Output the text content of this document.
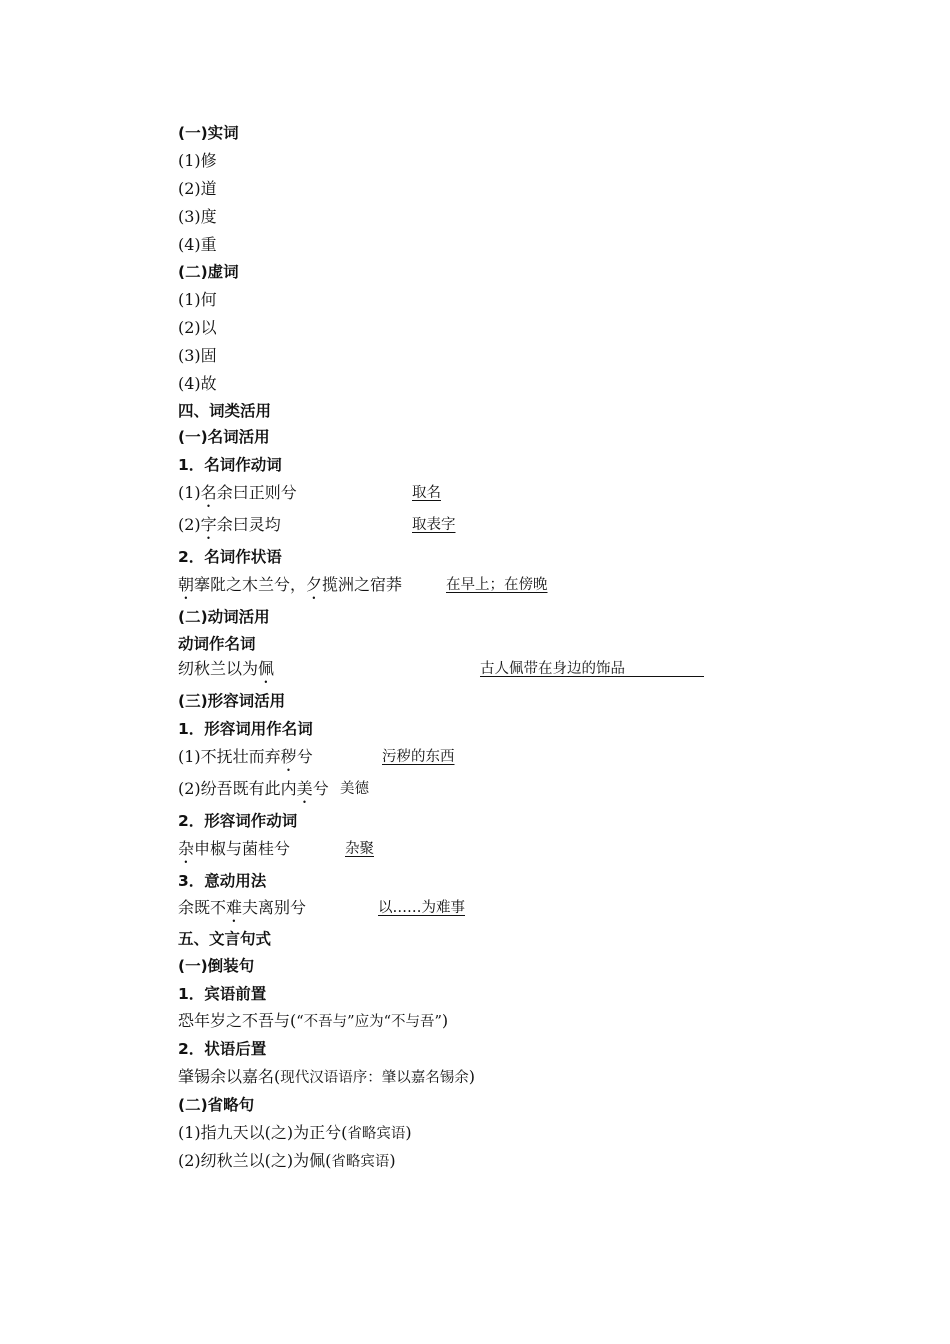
(一)实词
(1)修
(2)道
(3)度
(4)重
(二)虚词
(1)何
(2)以
(3)固
(4)故
四、词类活用
(一)名词活用
1．名词作动词
(1)名余曰正则兮	取名
(2)字余曰灵均	取表字
2．名词作状语
朝搴阰之木兰兮，夕揽洲之宿莽	在早上；在傍晚
(二)动词活用
动词作名词
纫秋兰以为佩	古人佩带在身边的饰品
(三)形容词活用
1．形容词用作名词
(1)不抚壮而弃秽兮	污秽的东西
(2)纷吾既有此内美兮 美德
2．形容词作动词
杂申椒与菌桂兮	杂聚
3．意动用法
余既不难夫离别兮	以……为难事
五、文言句式
(一)倒装句
1．宾语前置
恐年岁之不吾与(“不吾与”应为“不与吾”)
2．状语后置
肇锡余以嘉名(现代汉语语序：肇以嘉名锡余)
(二)省略句
(1)指九天以(之)为正兮(省略宾语)
(2)纫秋兰以(之)为佩(省略宾语)
